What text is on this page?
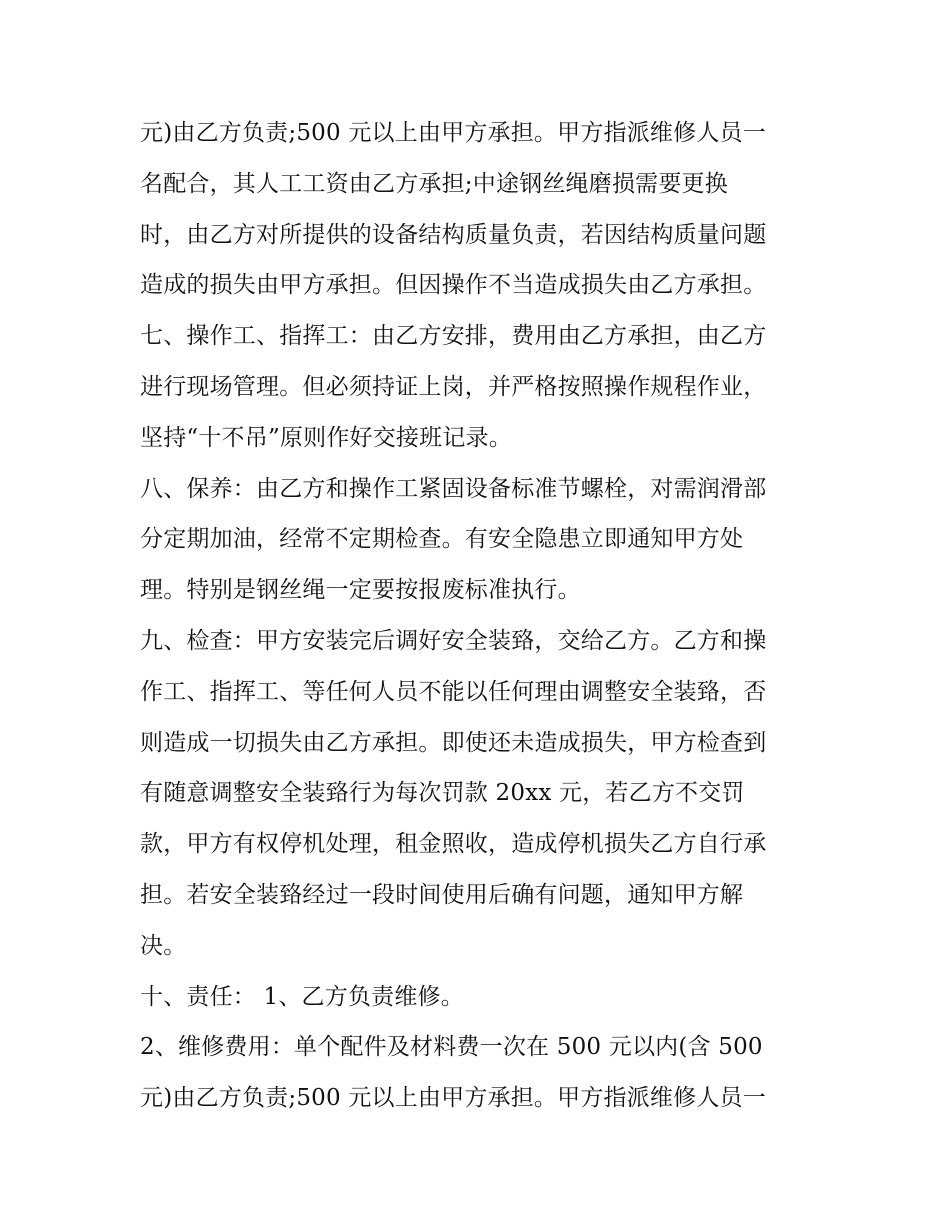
元)由乙方负责;500 元以上由甲方承担。甲方指派维修人员一
名配合，其人工工资由乙方承担;中途钢丝绳磨损需要更换
时，由乙方对所提供的设备结构质量负责，若因结构质量问题
造成的损失由甲方承担。但因操作不当造成损失由乙方承担。
七、操作工、指挥工：由乙方安排，费用由乙方承担，由乙方
进行现场管理。但必须持证上岗，并严格按照操作规程作业，
坚持“十不吊”原则作好交接班记录。
八、保养：由乙方和操作工紧固设备标准节螺栓，对需润滑部
分定期加油，经常不定期检查。有安全隐患立即通知甲方处
理。特别是钢丝绳一定要按报废标准执行。
九、检查：甲方安装完后调好安全装臵，交给乙方。乙方和操
作工、指挥工、等任何人员不能以任何理由调整安全装臵，否
则造成一切损失由乙方承担。即使还未造成损失，甲方检查到
有随意调整安全装臵行为每次罚款 20xx 元，若乙方不交罚
款，甲方有权停机处理，租金照收，造成停机损失乙方自行承
担。若安全装臵经过一段时间使用后确有问题，通知甲方解
决。
十、责任： 1、乙方负责维修。
2、维修费用：单个配件及材料费一次在 500 元以内(含 500
元)由乙方负责;500 元以上由甲方承担。甲方指派维修人员一
